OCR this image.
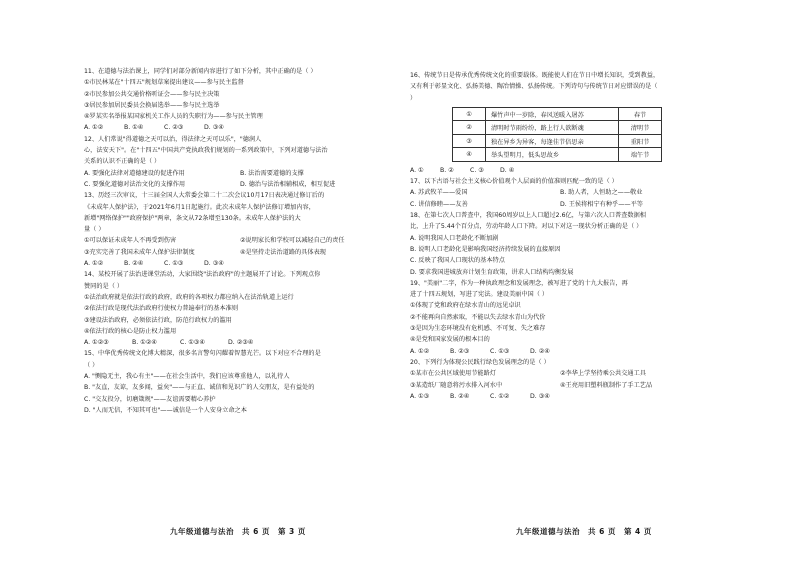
11、在道德与法治课上，同学们对部分新闻内容进行了如下分析，其中正确的是（ ）
①市民林某在"十四五"规划草案提出建议——参与民主监督
②市民参加公共交通价格听证会——参与民主决策
③居民参加居民委员会换届选举——参与民主选举
④罗某实名举报某国家机关工作人员的失职行为——参与民主管理
A. ①②	B. ①④	C. ②③	D. ③④
12、人们常说"得道德之天可以治，得法律之天可以乐"，"德润人
心，法安天下"。在"十四五"中国共产党执政我们规划的一系列政策中，下列对道德与法治
关系的认识不正确的是（ ）
A. 要强化法律对道德建设的促进作用	B. 法治需要道德的支撑
C. 要强化道德对法治文化的支撑作用	D. 德治与法治相辅相成，相互促进
13、历经三次审议，十三届全国人大常委会第二十二次会议10月17日表决通过修订后的
《未成年人保护法》，于2021年6月1日起施行。此次未成年人保护法修订增加内容，
新增"网络保护""政府保护"两章，条文从72条增至130条。未成年人保护法的大
量（ ）
①可以保证未成年人不再受到伤害	②说明家长和学校可以减轻自己的责任
③充实完善了我国未成年人保护法律制度	④是坚持走法治道路的具体表现
A. ①②	B. ②④	C. ①③	D. ③④
14、某校开展了法治进课堂活动，大家围绕"法治政府"的主题展开了讨论。下列观点你
赞同的是（ ）
①法治政府就是依法行政的政府，政府的各项权力都应纳入在法治轨道上运行
②依法行政是现代法治政府行使权力普遍奉行的基本准则
③建设法治政府，必须依法行政，防范行政权力的滥用
④依法行政的核心是防止权力滥用
A. ①②③	B. ①②④	C. ①③④	D. ②③④
15、中华优秀传统文化博大精深，很多名言警句闪耀着智慧光芒。以下对应不合理的是
（ ）
A. "恻隐无主，我心有主"——在社会生活中，我们应该尊重他人，以礼待人
B. "友直，友谅，友多闻，益矣"——与正直、诚信和见识广的人交朋友，是有益处的
C. "交友投分，切磨箴规"——友谊需要精心养护
D. "人而无信，不知其可也"——诚信是一个人安身立命之本
九年级道德与法治　共 6 页　第 3 页
16、传统节日是传承优秀传统文化的重要载体。既能使人们在节日中增长知识，受到教益，
又有利于彰显文化、弘扬美德、陶冶情操、弘扬传统。下列诗句与传统节日对应错误的是（
）
①	爆竹声中一岁除，春风送暖入屠苏	春节
②	清明时节雨纷纷，路上行人欲断魂	清明节
③	独在异乡为异客，每逢佳节倍思亲	重阳节
④	举头望明月，低头思故乡	端午节
A. ①	B. ②	C. ③	D. ④
17、以下古语与社会主义核心价值观个人层面的价值准则匹配一致的是（ ）
A. 苏武牧羊——爱国	B. 助人者，人恒助之——敬业
C. 讲信修睦——友善	D. 王侯将相宁有种乎——平等
18、在第七次人口普查中，我国60周岁以上人口超过2.6亿，与第六次人口普查数据相
比，上升了5.44个百分点，劳动年龄人口下降。对以下对这一现状分析正确的是（ ）
A. 说明我国人口老龄化不断加剧
B. 说明人口老龄化是影响我国经济持续发展的直接原因
C. 反映了我国人口现状的基本特点
D. 要求我国进城放弃计划生育政策，讲求人口结构均衡发展
19、"美丽"二字，作为一种执政理念和发展理念，被写进了党的十九大报告，再
进了十四五规划，写进了宪法。建设美丽中国（ ）
①体现了党和政府在绿水青山的远见卓识
②不能再向自然索取，不能以失去绿水青山为代价
③是因为生态环境没有危机感、不可复、失之难存
④是党和国家发展的根本目的
A. ①②	B. ②③	C. ①③	D. ②④
20、下列行为体现公民践行绿色发展理念的是（ ）
①某市在公共区域使用节能路灯	②李华上学坚持乘公共交通工具
③某造纸厂随意将污水排入河水中	④王亮用旧塑料瓶制作了手工艺品
A. ①③	B. ②④	C. ①②	D. ③④
九年级道德与法治　共 6 页　第 4 页
